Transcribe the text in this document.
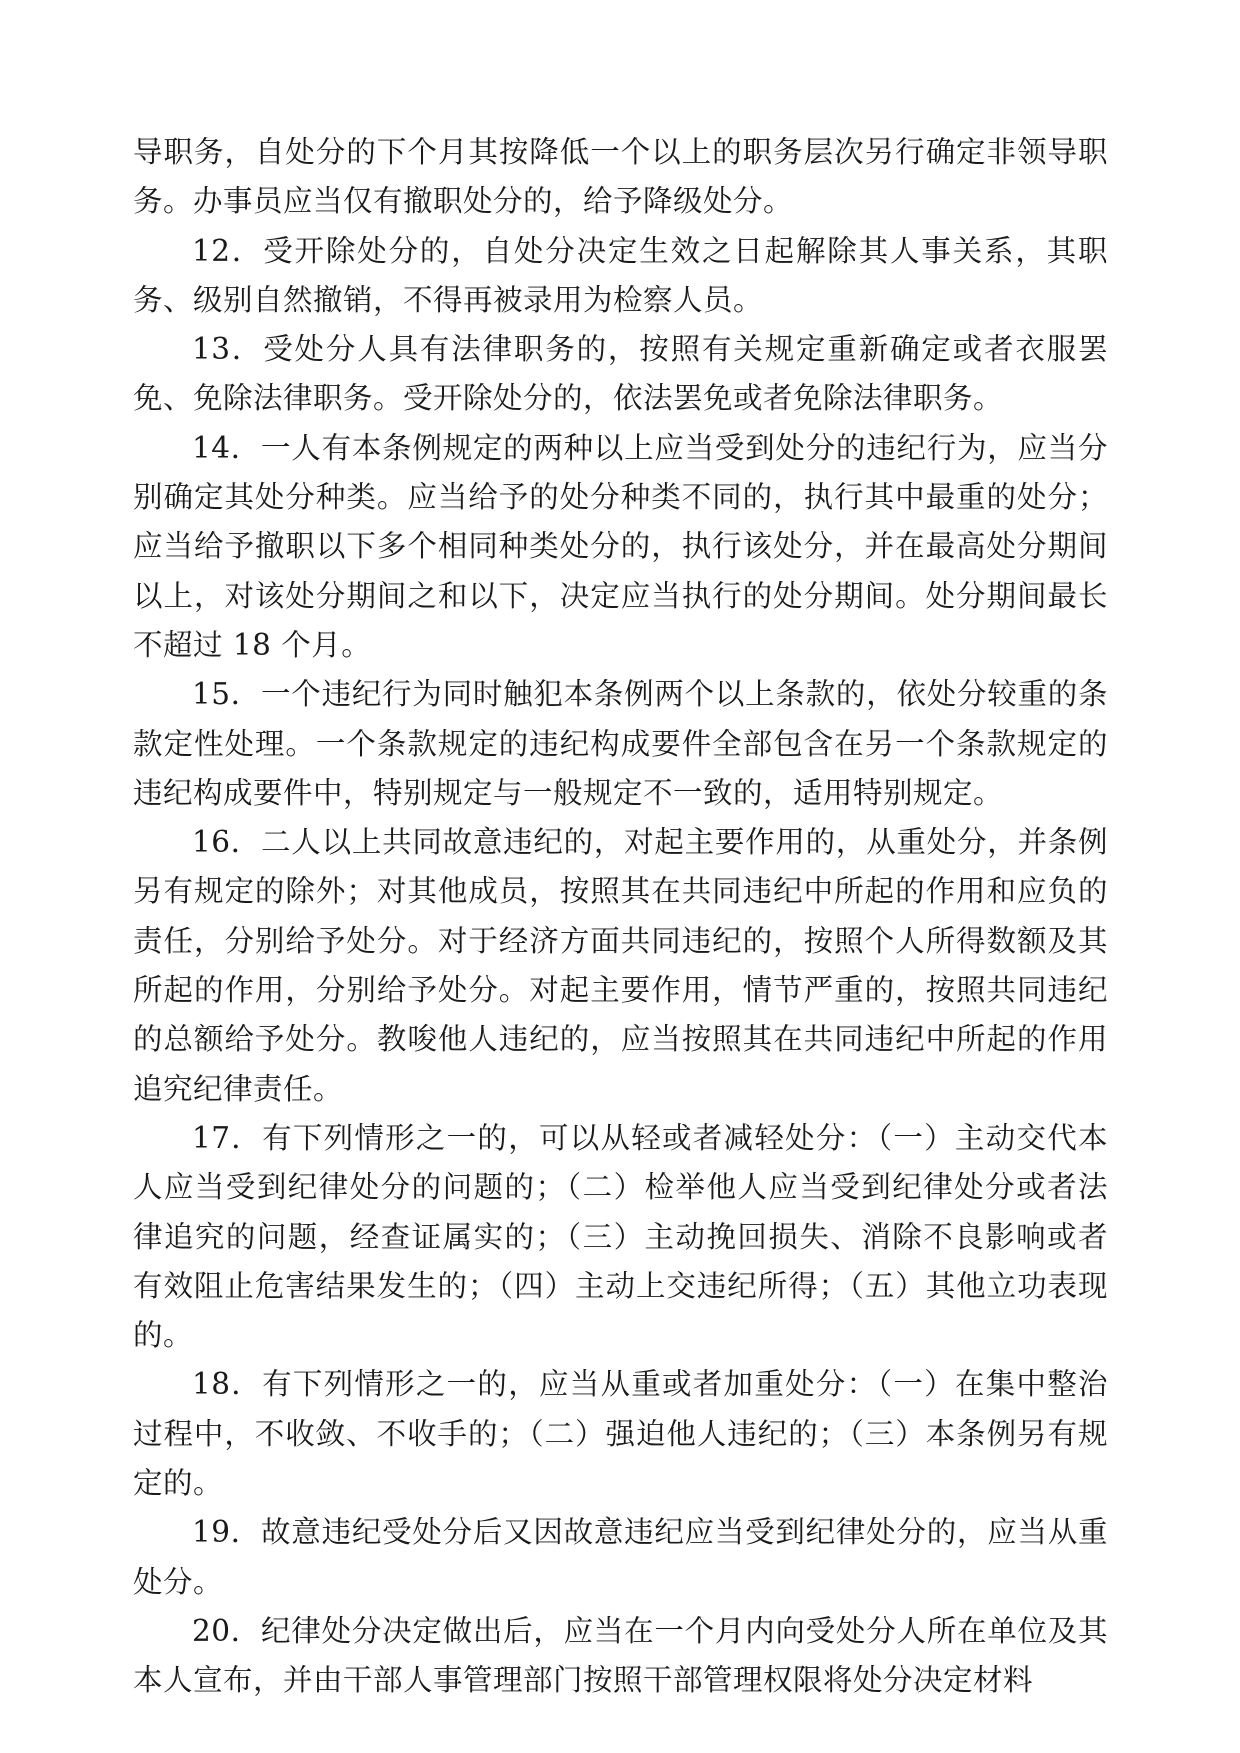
导职务，自处分的下个月其按降低一个以上的职务层次另行确定非领导职务。办事员应当仅有撤职处分的，给予降级处分。

12．受开除处分的，自处分决定生效之日起解除其人事关系，其职务、级别自然撤销，不得再被录用为检察人员。

13．受处分人具有法律职务的，按照有关规定重新确定或者衣服罢免、免除法律职务。受开除处分的，依法罢免或者免除法律职务。

14．一人有本条例规定的两种以上应当受到处分的违纪行为，应当分别确定其处分种类。应当给予的处分种类不同的，执行其中最重的处分；应当给予撤职以下多个相同种类处分的，执行该处分，并在最高处分期间以上，对该处分期间之和以下，决定应当执行的处分期间。处分期间最长不超过 18 个月。

15．一个违纪行为同时触犯本条例两个以上条款的，依处分较重的条款定性处理。一个条款规定的违纪构成要件全部包含在另一个条款规定的违纪构成要件中，特别规定与一般规定不一致的，适用特别规定。

16．二人以上共同故意违纪的，对起主要作用的，从重处分，并条例另有规定的除外；对其他成员，按照其在共同违纪中所起的作用和应负的责任，分别给予处分。对于经济方面共同违纪的，按照个人所得数额及其所起的作用，分别给予处分。对起主要作用，情节严重的，按照共同违纪的总额给予处分。教唆他人违纪的，应当按照其在共同违纪中所起的作用追究纪律责任。

17．有下列情形之一的，可以从轻或者减轻处分：（一）主动交代本人应当受到纪律处分的问题的；（二）检举他人应当受到纪律处分或者法律追究的问题，经查证属实的；（三）主动挽回损失、消除不良影响或者有效阻止危害结果发生的；（四）主动上交违纪所得；（五）其他立功表现的。

18．有下列情形之一的，应当从重或者加重处分：（一）在集中整治过程中，不收敛、不收手的；（二）强迫他人违纪的；（三）本条例另有规定的。

19．故意违纪受处分后又因故意违纪应当受到纪律处分的，应当从重处分。

20．纪律处分决定做出后，应当在一个月内向受处分人所在单位及其本人宣布，并由干部人事管理部门按照干部管理权限将处分决定材料
